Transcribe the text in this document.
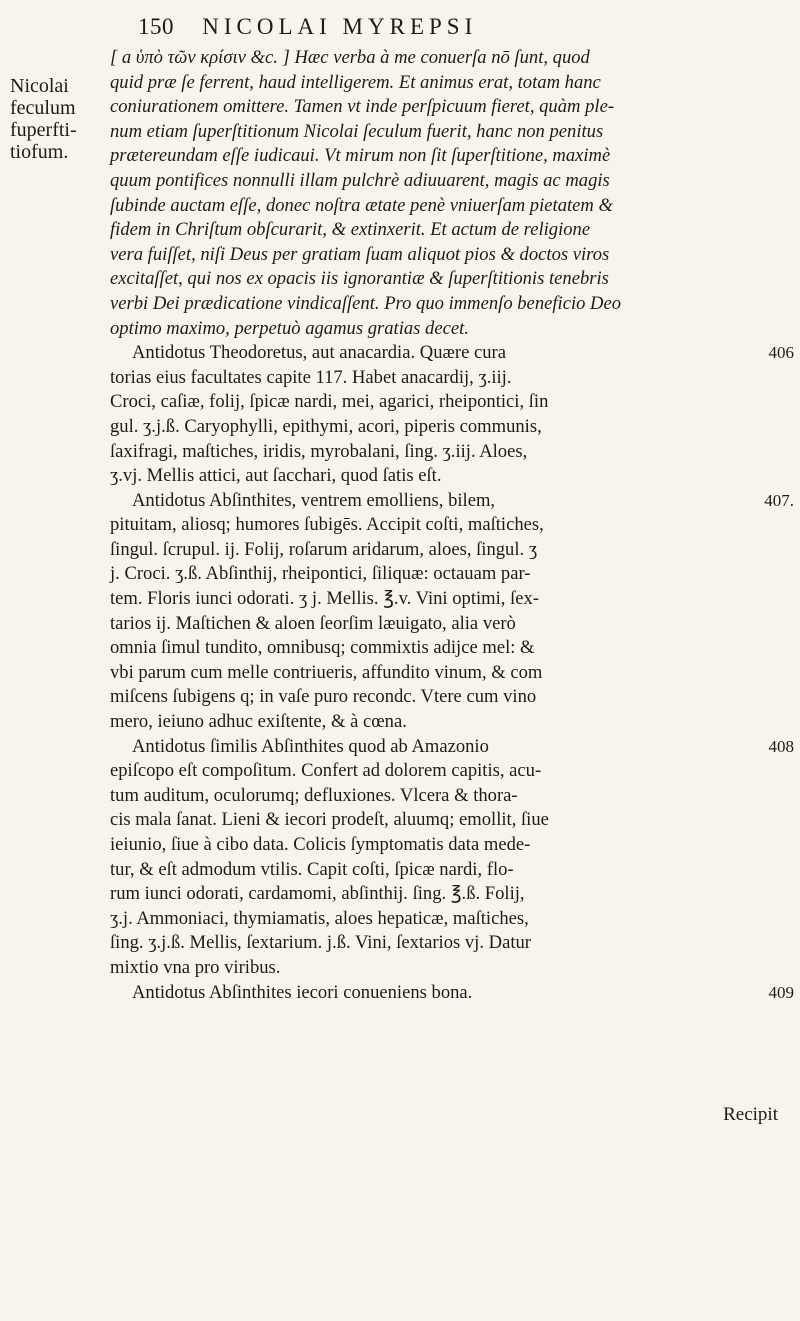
150 NICOLAI MYREPSI
Nicolai
feculum
fuperfti-
tiofum.
[ a ὑπὸ τῶν κρίσιν &c. ] Hæc verba à me conuerſa nō ſunt, quod
quid præ ſe ferrent, haud intelligerem. Et animus erat, totam hanc
coniurationem omittere. Tamen vt inde perſpicuum fieret, quàm ple-
num etiam ſuperſtitionum Nicolai ſeculum fuerit, hanc non penitus
prætereundam eſſe iudicaui. Vt mirum non ſit ſuperſtitione, maximè
quum pontifices nonnulli illam pulchrè adiuuarent, magis ac magis
ſubinde auctam eſſe, donec noſtra ætate penè vniuerſam pietatem &
fidem in Chriſtum obſcurarit, & extinxerit. Et actum de religione
vera fuiſſet, niſi Deus per gratiam ſuam aliquot pios & doctos viros
excitaſſet, qui nos ex opacis iis ignorantiæ & ſuperſtitionis tenebris
verbi Dei prædicatione vindicaſſent. Pro quo immenſo beneficio Deo
optimo maximo, perpetuò agamus gratias decet.
Antidotus Theodoretus, aut anacardia. Quære cura	406
torias eius facultates capite 117. Habet anacardij, ʒ.iij.
Croci, caſiæ, folij, ſpicæ nardi, mei, agarici, rheipontici, ſin
gul. ʒ.j.ß. Caryophylli, epithymi, acori, piperis communis,
ſaxifragi, maſtiches, iridis, myrobalani, ſing. ʒ.iij. Aloes,
ʒ.vj. Mellis attici, aut ſacchari, quod ſatis eſt.
Antidotus Abſinthites, ventrem emolliens, bilem,	407.
pituitam, aliosq; humores ſubigēs. Accipit coſti, maſtiches,
ſingul. ſcrupul. ij. Folij, roſarum aridarum, aloes, ſingul. ʒ
j. Croci. ʒ.ß. Abſinthij, rheipontici, ſiliquæ: octauam par-
tem. Floris iunci odorati. ʒ j. Mellis. ℥.v. Vini optimi, ſex-
tarios ij. Maſtichen & aloen ſeorſim læuigato, alia verò
omnia ſimul tundito, omnibusq; commixtis adijce mel: &
vbi parum cum melle contriueris, affundito vinum, & com
miſcens ſubigens q; in vaſe puro recondc. Vtere cum vino
mero, ieiuno adhuc exiſtente, & à cœna.
Antidotus ſimilis Abſinthites quod ab Amazonio	408
epiſcopo eſt compoſitum. Confert ad dolorem capitis, acu-
tum auditum, oculorumq; defluxiones. Vlcera & thora-
cis mala ſanat. Lieni & iecori prodeſt, aluumq; emollit, ſiue
ieiunio, ſiue à cibo data. Colicis ſymptomatis data mede-
tur, & eſt admodum vtilis. Capit coſti, ſpicæ nardi, flo-
rum iunci odorati, cardamomi, abſinthij. ſing. ℥.ß. Folij,
ʒ.j. Ammoniaci, thymiamatis, aloes hepaticæ, maſtiches,
ſing. ʒ.j.ß. Mellis, ſextarium. j.ß. Vini, ſextarios vj. Datur
mixtio vna pro viribus.
Antidotus Abſinthites iecori conueniens bona.	409
Recipit
